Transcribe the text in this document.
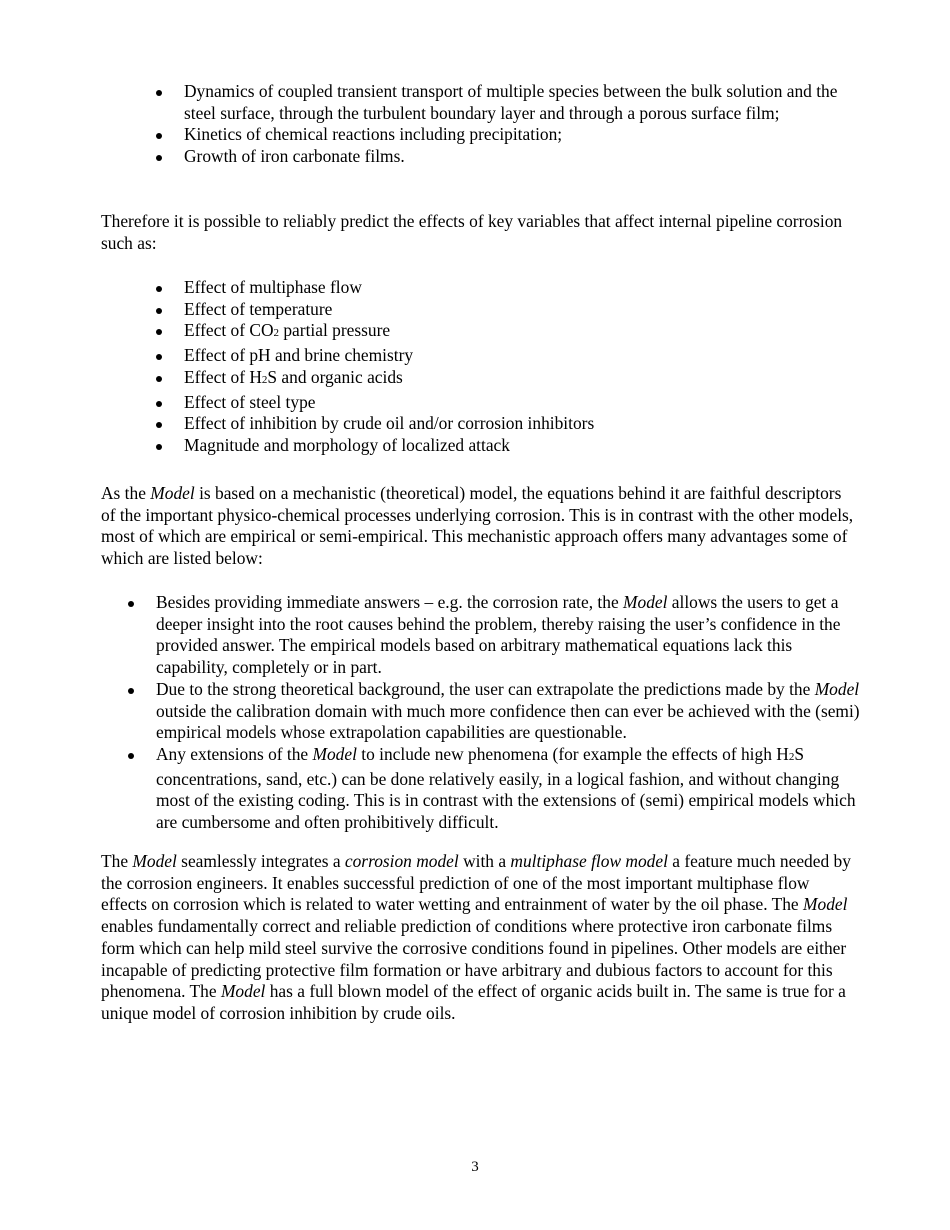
Dynamics of coupled transient transport of multiple species between the bulk solution and the steel surface, through the turbulent boundary layer and through a porous surface film;
Kinetics of chemical reactions including precipitation;
Growth of iron carbonate films.

Therefore it is possible to reliably predict the effects of key variables that affect internal pipeline corrosion such as:

Effect of multiphase flow
Effect of temperature
Effect of CO2 partial pressure
Effect of pH and brine chemistry
Effect of H2S and organic acids
Effect of steel type
Effect of inhibition by crude oil and/or corrosion inhibitors
Magnitude and morphology of localized attack

As the Model is based on a mechanistic (theoretical) model, the equations behind it are faithful descriptors of the important physico-chemical processes underlying corrosion. This is in contrast with the other models, most of which are empirical or semi-empirical. This mechanistic approach offers many advantages some of which are listed below:

Besides providing immediate answers – e.g. the corrosion rate, the Model allows the users to get a deeper insight into the root causes behind the problem, thereby raising the user’s confidence in the provided answer. The empirical models based on arbitrary mathematical equations lack this capability, completely or in part.
Due to the strong theoretical background, the user can extrapolate the predictions made by the Model outside the calibration domain with much more confidence then can ever be achieved with the (semi) empirical models whose extrapolation capabilities are questionable.
Any extensions of the Model to include new phenomena (for example the effects of high H2S concentrations, sand, etc.) can be done relatively easily, in a logical fashion, and without changing most of the existing coding. This is in contrast with the extensions of (semi) empirical models which are cumbersome and often prohibitively difficult.

The Model seamlessly integrates a corrosion model with a multiphase flow model a feature much needed by the corrosion engineers. It enables successful prediction of one of the most important multiphase flow effects on corrosion which is related to water wetting and entrainment of water by the oil phase. The Model enables fundamentally correct and reliable prediction of conditions where protective iron carbonate films form which can help mild steel survive the corrosive conditions found in pipelines. Other models are either incapable of predicting protective film formation or have arbitrary and dubious factors to account for this phenomena. The Model has a full blown model of the effect of organic acids built in. The same is true for a unique model of corrosion inhibition by crude oils.

3
